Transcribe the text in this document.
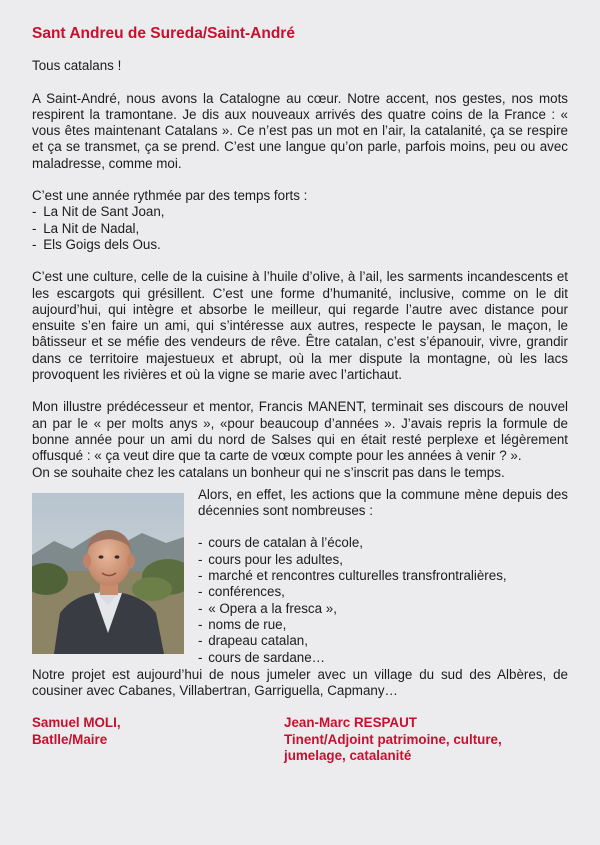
Sant Andreu de Sureda/Saint-André

Tous catalans !

A Saint-André, nous avons la Catalogne au cœur. Notre accent, nos gestes, nos mots respirent la tramontane. Je dis aux nouveaux arrivés des quatre coins de la France : « vous êtes maintenant Catalans ». Ce n’est pas un mot en l’air, la catalanité, ça se respire et ça se transmet, ça se prend. C’est une langue qu’on parle, parfois moins, peu ou avec maladresse, comme moi.

C’est une année rythmée par des temps forts :

- La Nit de Sant Joan,
- La Nit de Nadal,
- Els Goigs dels Ous.

C’est une culture, celle de la cuisine à l’huile d’olive, à l’ail, les sarments incandescents et les escargots qui grésillent. C’est une forme d’humanité, inclusive, comme on le dit aujourd’hui, qui intègre et absorbe le meilleur, qui regarde l’autre avec distance pour ensuite s’en faire un ami, qui s’intéresse aux autres, respecte le paysan, le maçon, le bâtisseur et se méfie des vendeurs de rêve. Être catalan, c’est s’épanouir, vivre, grandir dans ce territoire majestueux et abrupt, où la mer dispute la montagne, où les lacs provoquent les rivières et où la vigne se marie avec l’artichaut.

Mon illustre prédécesseur et mentor, Francis MANENT, terminait ses discours de nouvel an par le « per molts anys », «pour beaucoup d’années ». J’avais repris la formule de bonne année pour un ami du nord de Salses qui en était resté perplexe et légèrement offusqué : « ça veut dire que ta carte de vœux compte pour les années à venir ? ».

On se souhaite chez les catalans un bonheur qui ne s’inscrit pas dans le temps.

Alors, en effet, les actions que la commune mène depuis des décennies sont nombreuses :

- cours de catalan à l’école,
- cours pour les adultes,
- marché et rencontres culturelles transfrontralières,
- conférences,
- « Opera a la fresca »,
- noms de rue,
- drapeau catalan,
- cours de sardane…

Notre projet est aujourd’hui de nous jumeler avec un village du sud des Albères, de cousiner avec Cabanes, Villabertran, Garriguella, Capmany…

Samuel MOLI,
Batlle/Maire
Jean-Marc RESPAUT
Tinent/Adjoint patrimoine, culture,
jumelage, catalanité
